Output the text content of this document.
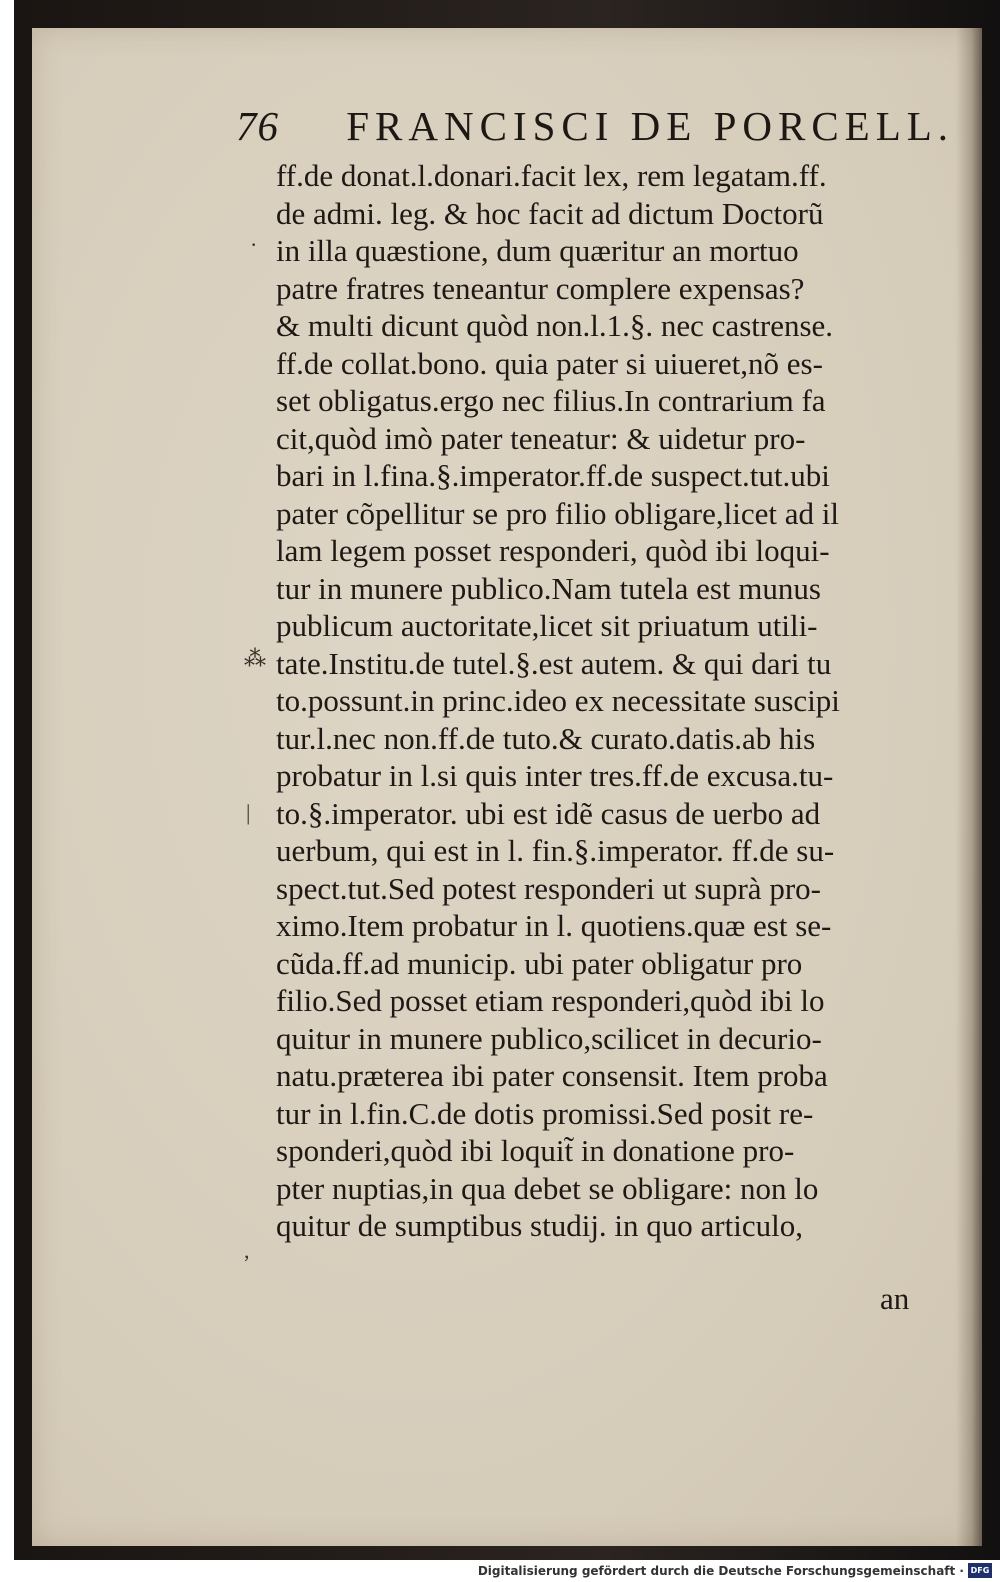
76 FRANCISCI DE PORCELL.
·
⁂
|
,
ff.de donat.l.donari.facit lex, rem legatam.ff.
de admi. leg. & hoc facit ad dictum Doctorũ
in illa quæstione, dum quæritur an mortuo
patre fratres teneantur complere expensas?
& multi dicunt quòd non.l.1.§. nec castrense.
ff.de collat.bono. quia pater si uiueret,nõ es-
set obligatus.ergo nec filius.In contrarium fa
cit,quòd imò pater teneatur: & uidetur pro-
bari in l.fina.§.imperator.ff.de suspect.tut.ubi
pater cõpellitur se pro filio obligare,licet ad il
lam legem posset responderi, quòd ibi loqui-
tur in munere publico.Nam tutela est munus
publicum auctoritate,licet sit priuatum utili-
tate.Institu.de tutel.§.est autem. & qui dari tu
to.possunt.in princ.ideo ex necessitate suscipi
tur.l.nec non.ff.de tuto.& curato.datis.ab his
probatur in l.si quis inter tres.ff.de excusa.tu-
to.§.imperator. ubi est idẽ casus de uerbo ad
uerbum, qui est in l. fin.§.imperator. ff.de su-
spect.tut.Sed potest responderi ut suprà pro-
ximo.Item probatur in l. quotiens.quæ est se-
cũda.ff.ad municip. ubi pater obligatur pro
filio.Sed posset etiam responderi,quòd ibi lo
quitur in munere publico,scilicet in decurio-
natu.præterea ibi pater consensit. Item proba
tur in l.fin.C.de dotis promissi.Sed posit re-
sponderi,quòd ibi loquit̃ in donatione pro-
pter nuptias,in qua debet se obligare: non lo
quitur de sumptibus studij. in quo articulo,
an
Digitalisierung gefördert durch die Deutsche Forschungsgemeinschaft · DFG
